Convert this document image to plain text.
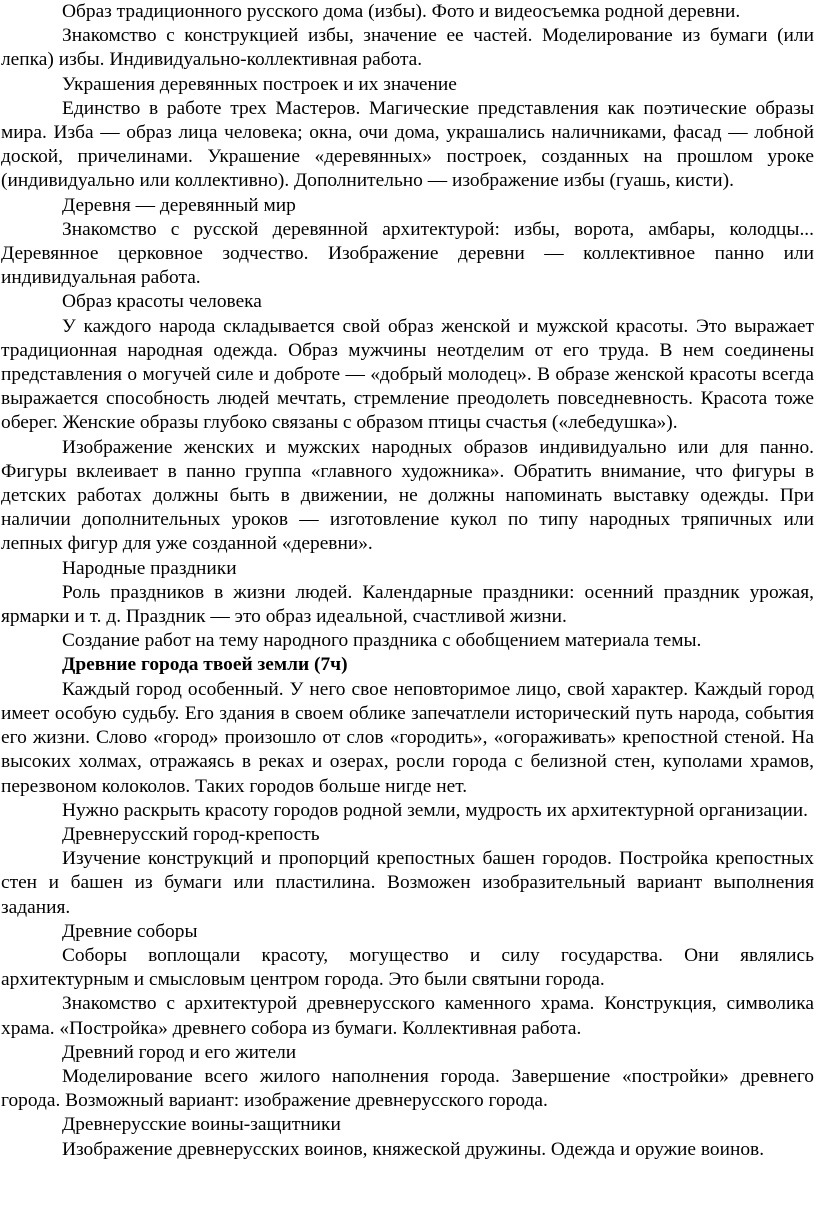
Образ традиционного русского дома (избы). Фото и видеосъемка родной деревни.

Знакомство с конструкцией избы, значение ее частей. Моделирование из бумаги (или лепка) избы. Индивидуально-коллективная работа.

Украшения деревянных построек и их значение

Единство в работе трех Мастеров. Магические представления как поэтические образы мира. Изба — образ лица человека; окна, очи дома, украшались наличниками, фасад — лобной доской, причелинами. Украшение «деревянных» построек, созданных на прошлом уроке (индивидуально или коллективно). Дополнительно — изображение избы (гуашь, кисти).

Деревня — деревянный мир

Знакомство с русской деревянной архитектурой: избы, ворота, амбары, колодцы... Деревянное церковное зодчество. Изображение деревни — коллективное панно или индивидуальная работа.

Образ красоты человека

У каждого народа складывается свой образ женской и мужской красоты. Это выражает традиционная народная одежда. Образ мужчины неотделим от его труда. В нем соединены представления о могучей силе и доброте — «добрый молодец». В образе женской красоты всегда выражается способность людей мечтать, стремление преодолеть повседневность. Красота тоже оберег. Женские образы глубоко связаны с образом птицы счастья («лебедушка»).

Изображение женских и мужских народных образов индивидуально или для панно. Фигуры вклеивает в панно группа «главного художника». Обратить внимание, что фигуры в детских работах должны быть в движении, не должны напоминать выставку одежды. При наличии дополнительных уроков — изготовление кукол по типу народных тряпичных или лепных фигур для уже созданной «деревни».

Народные праздники

Роль праздников в жизни людей. Календарные праздники: осенний праздник урожая, ярмарки и т. д. Праздник — это образ идеальной, счастливой жизни.

Создание работ на тему народного праздника с обобщением материала темы.

Древние города твоей земли (7ч)

Каждый город особенный. У него свое неповторимое лицо, свой характер. Каждый город имеет особую судьбу. Его здания в своем облике запечатлели исторический путь народа, события его жизни. Слово «город» произошло от слов «городить», «огораживать» крепостной стеной. На высоких холмах, отражаясь в реках и озерах, росли города с белизной стен, куполами храмов, перезвоном колоколов. Таких городов больше нигде нет.

Нужно раскрыть красоту городов родной земли, мудрость их архитектурной организации.

Древнерусский город-крепость

Изучение конструкций и пропорций крепостных башен городов. Постройка крепостных стен и башен из бумаги или пластилина. Возможен изобразительный вариант выполнения задания.

Древние соборы

Соборы воплощали красоту, могущество и силу государства. Они являлись архитектурным и смысловым центром города. Это были святыни города.

Знакомство с архитектурой древнерусского каменного храма. Конструкция, символика храма. «Постройка» древнего собора из бумаги. Коллективная работа.

Древний город и его жители

Моделирование всего жилого наполнения города. Завершение «постройки» древнего города. Возможный вариант: изображение древнерусского города.

Древнерусские воины-защитники

Изображение древнерусских воинов, княжеской дружины. Одежда и оружие воинов.
